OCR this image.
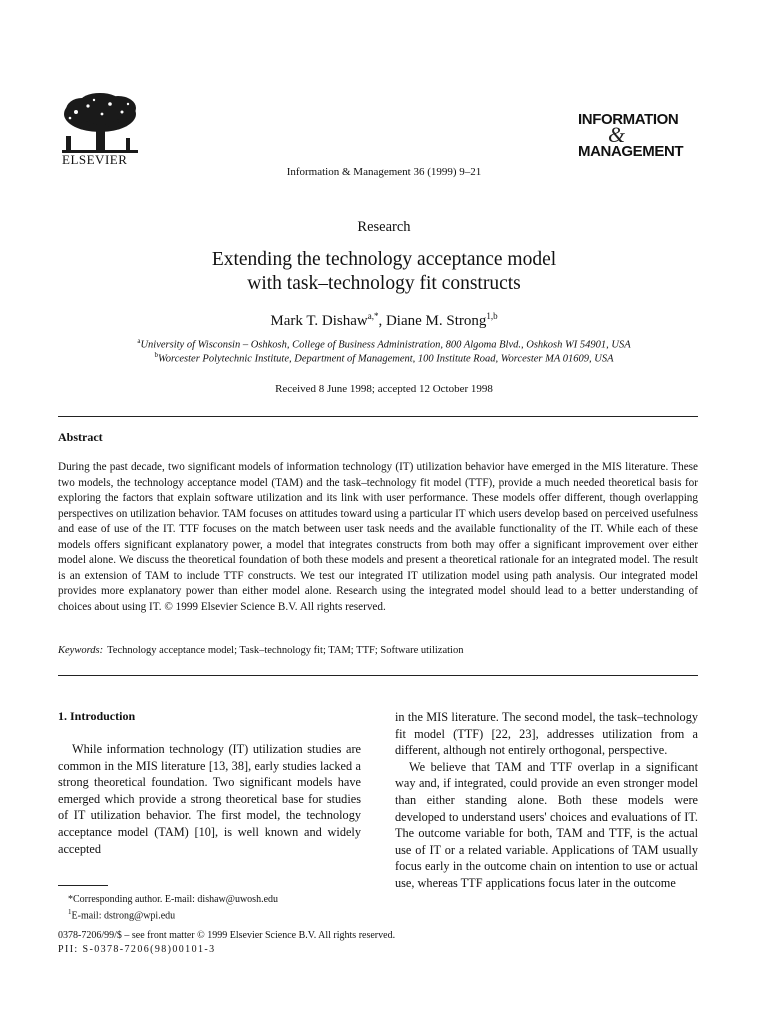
ELSEVIER
INFORMATION
&
MANAGEMENT
Information & Management 36 (1999) 9–21
Research
Extending the technology acceptance model
with task–technology fit constructs
Mark T. Dishaw$^{a,*}$, Diane M. Strong$^{1,b}$
$^a$University of Wisconsin – Oshkosh, College of Business Administration, 800 Algoma Blvd., Oshkosh WI 54901, USA
$^b$Worcester Polytechnic Institute, Department of Management, 100 Institute Road, Worcester MA 01609, USA
Received 8 June 1998; accepted 12 October 1998
Abstract
During the past decade, two significant models of information technology (IT) utilization behavior have emerged in the MIS literature. These two models, the technology acceptance model (TAM) and the task–technology fit model (TTF), provide a much needed theoretical basis for exploring the factors that explain software utilization and its link with user performance. These models offer different, though overlapping perspectives on utilization behavior. TAM focuses on attitudes toward using a particular IT which users develop based on perceived usefulness and ease of use of the IT. TTF focuses on the match between user task needs and the available functionality of the IT. While each of these models offers significant explanatory power, a model that integrates constructs from both may offer a significant improvement over either model alone. We discuss the theoretical foundation of both these models and present a theoretical rationale for an integrated model. The result is an extension of TAM to include TTF constructs. We test our integrated IT utilization model using path analysis. Our integrated model provides more explanatory power than either model alone. Research using the integrated model should lead to a better understanding of choices about using IT. © 1999 Elsevier Science B.V. All rights reserved.
Keywords: Technology acceptance model; Task–technology fit; TAM; TTF; Software utilization
1. Introduction
While information technology (IT) utilization studies are common in the MIS literature [13, 38], early studies lacked a strong theoretical foundation. Two significant models have emerged which provide a strong theoretical base for studies of IT utilization behavior. The first model, the technology acceptance model (TAM) [10], is well known and widely accepted

in the MIS literature. The second model, the task–technology fit model (TTF) [22, 23], addresses utilization from a different, although not entirely orthogonal, perspective.

We believe that TAM and TTF overlap in a significant way and, if integrated, could provide an even stronger model than either standing alone. Both these models were developed to understand users' choices and evaluations of IT. The outcome variable for both, TAM and TTF, is the actual use of IT or a related variable. Applications of TAM usually focus early in the outcome chain on intention to use or actual use, whereas TTF applications focus later in the outcome

*Corresponding author. E-mail: dishaw@uwosh.edu
$^1$E-mail: dstrong@wpi.edu
0378-7206/99/$ – see front matter © 1999 Elsevier Science B.V. All rights reserved.
PII: S-0378-7206(98)00101-3
